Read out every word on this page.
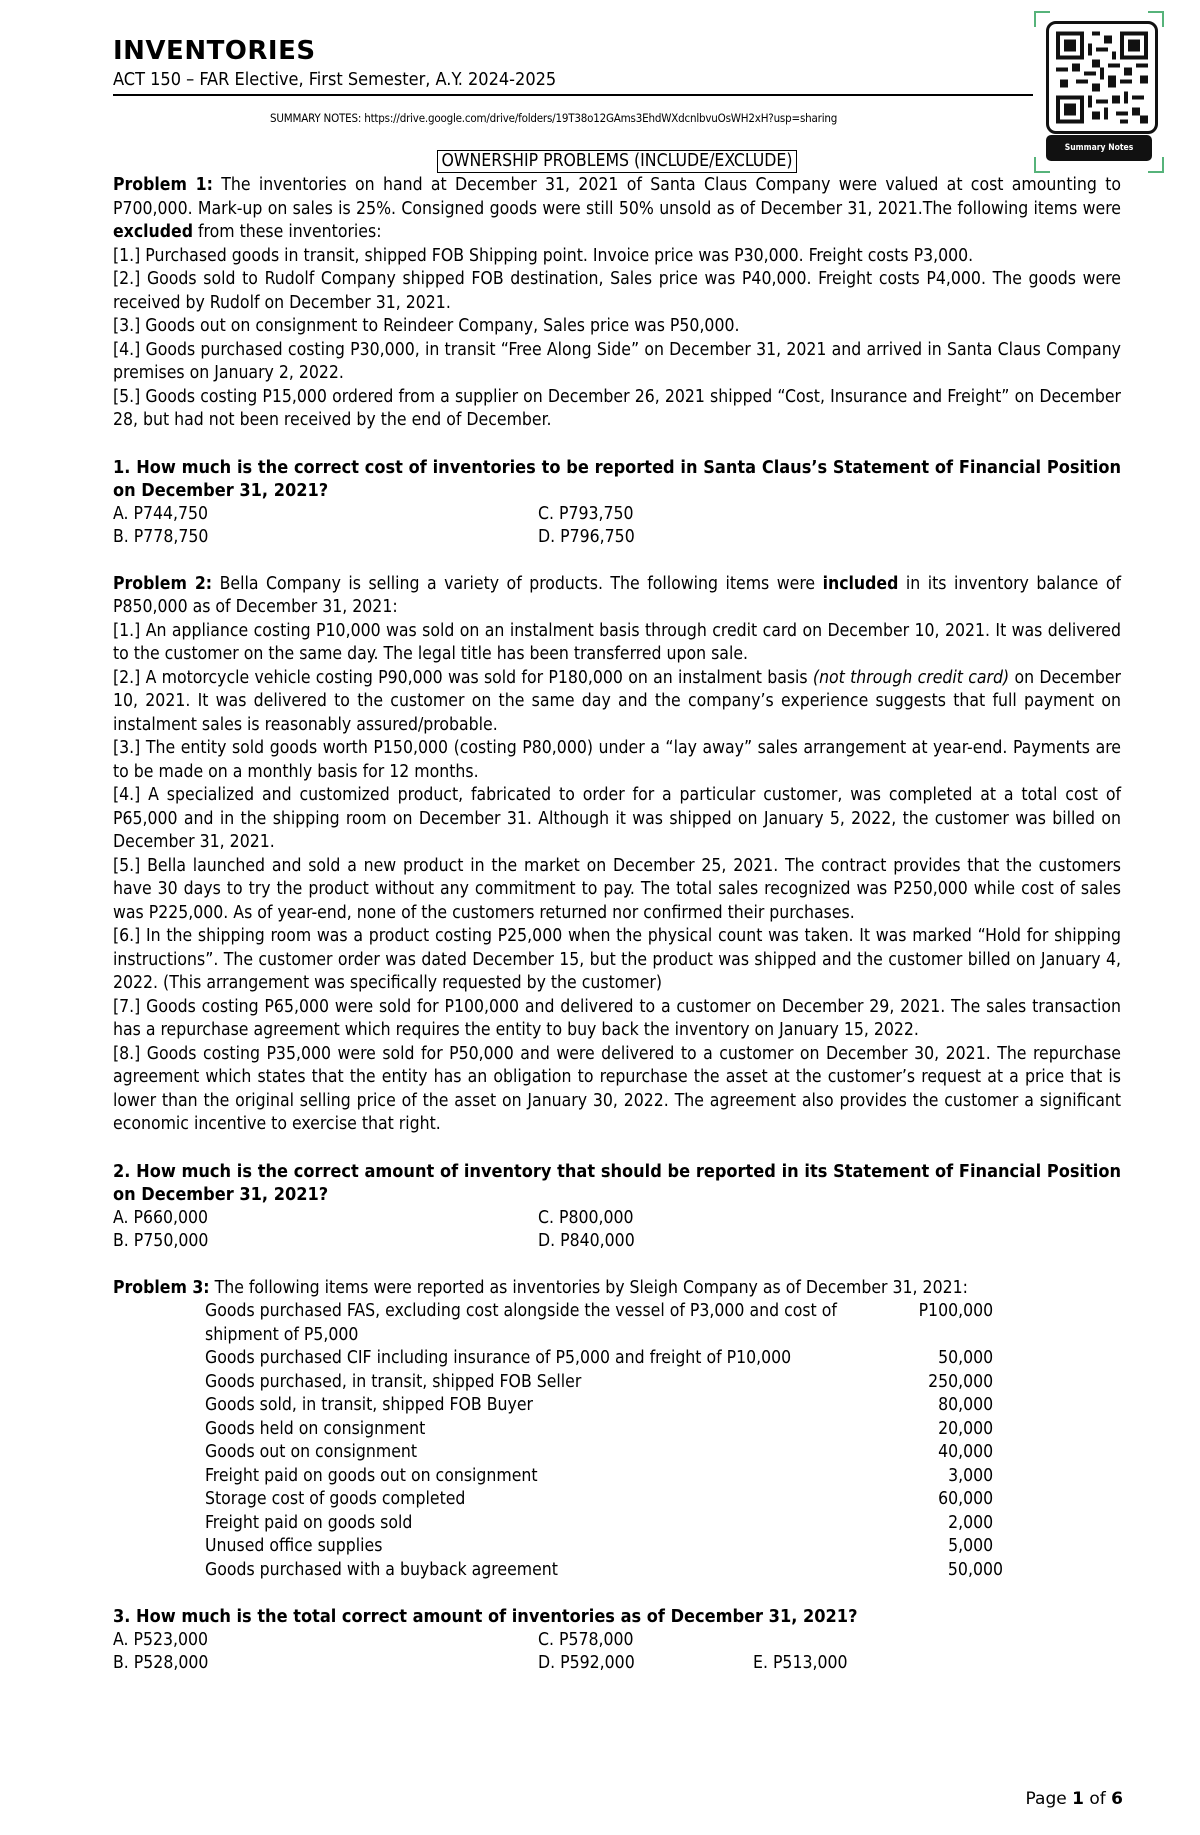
INVENTORIES
ACT 150 – FAR Elective, First Semester, A.Y. 2024-2025
SUMMARY NOTES: https://drive.google.com/drive/folders/19T38o12GAms3EhdWXdcnlbvuOsWH2xH?usp=sharing
Summary Notes
OWNERSHIP PROBLEMS (INCLUDE/EXCLUDE)

Problem 1: The inventories on hand at December 31, 2021 of Santa Claus Company were valued at cost amounting to P700,000. Mark-up on sales is 25%. Consigned goods were still 50% unsold as of December 31, 2021.The following items were excluded from these inventories:

[1.] Purchased goods in transit, shipped FOB Shipping point. Invoice price was P30,000. Freight costs P3,000.

[2.] Goods sold to Rudolf Company shipped FOB destination, Sales price was P40,000. Freight costs P4,000. The goods were received by Rudolf on December 31, 2021.

[3.] Goods out on consignment to Reindeer Company, Sales price was P50,000.

[4.] Goods purchased costing P30,000, in transit “Free Along Side” on December 31, 2021 and arrived in Santa Claus Company premises on January 2, 2022.

[5.] Goods costing P15,000 ordered from a supplier on December 26, 2021 shipped “Cost, Insurance and Freight” on December 28, but had not been received by the end of December.

1. How much is the correct cost of inventories to be reported in Santa Claus’s Statement of Financial Position on December 31, 2021?

A. P744,750	C. P793,750
B. P778,750	D. P796,750

Problem 2: Bella Company is selling a variety of products. The following items were included in its inventory balance of P850,000 as of December 31, 2021:

[1.] An appliance costing P10,000 was sold on an instalment basis through credit card on December 10, 2021. It was delivered to the customer on the same day. The legal title has been transferred upon sale.

[2.] A motorcycle vehicle costing P90,000 was sold for P180,000 on an instalment basis (not through credit card) on December 10, 2021. It was delivered to the customer on the same day and the company’s experience suggests that full payment on instalment sales is reasonably assured/probable.

[3.] The entity sold goods worth P150,000 (costing P80,000) under a “lay away” sales arrangement at year-end. Payments are to be made on a monthly basis for 12 months.

[4.] A specialized and customized product, fabricated to order for a particular customer, was completed at a total cost of P65,000 and in the shipping room on December 31. Although it was shipped on January 5, 2022, the customer was billed on December 31, 2021.

[5.] Bella launched and sold a new product in the market on December 25, 2021. The contract provides that the customers have 30 days to try the product without any commitment to pay. The total sales recognized was P250,000 while cost of sales was P225,000. As of year-end, none of the customers returned nor confirmed their purchases.

[6.] In the shipping room was a product costing P25,000 when the physical count was taken. It was marked “Hold for shipping instructions”. The customer order was dated December 15, but the product was shipped and the customer billed on January 4, 2022. (This arrangement was specifically requested by the customer)

[7.] Goods costing P65,000 were sold for P100,000 and delivered to a customer on December 29, 2021. The sales transaction has a repurchase agreement which requires the entity to buy back the inventory on January 15, 2022.

[8.] Goods costing P35,000 were sold for P50,000 and were delivered to a customer on December 30, 2021. The repurchase agreement which states that the entity has an obligation to repurchase the asset at the customer’s request at a price that is lower than the original selling price of the asset on January 30, 2022. The agreement also provides the customer a significant economic incentive to exercise that right.

2. How much is the correct amount of inventory that should be reported in its Statement of Financial Position on December 31, 2021?

A. P660,000	C. P800,000
B. P750,000	D. P840,000

Problem 3: The following items were reported as inventories by Sleigh Company as of December 31, 2021:

Goods purchased FAS, excluding cost alongside the vessel of P3,000 and cost of shipment of P5,000	P100,000	
Goods purchased CIF including insurance of P5,000 and freight of P10,000	50,000	
Goods purchased, in transit, shipped FOB Seller	250,000	
Goods sold, in transit, shipped FOB Buyer	80,000	
Goods held on consignment	20,000	
Goods out on consignment	40,000	
Freight paid on goods out on consignment	3,000	
Storage cost of goods completed	60,000	
Freight paid on goods sold	2,000	
Unused office supplies	5,000	
Goods purchased with a buyback agreement		50,000

3. How much is the total correct amount of inventories as of December 31, 2021?

A. P523,000	C. P578,000
B. P528,000	D. P592,000	E. P513,000
Page 1 of 6
